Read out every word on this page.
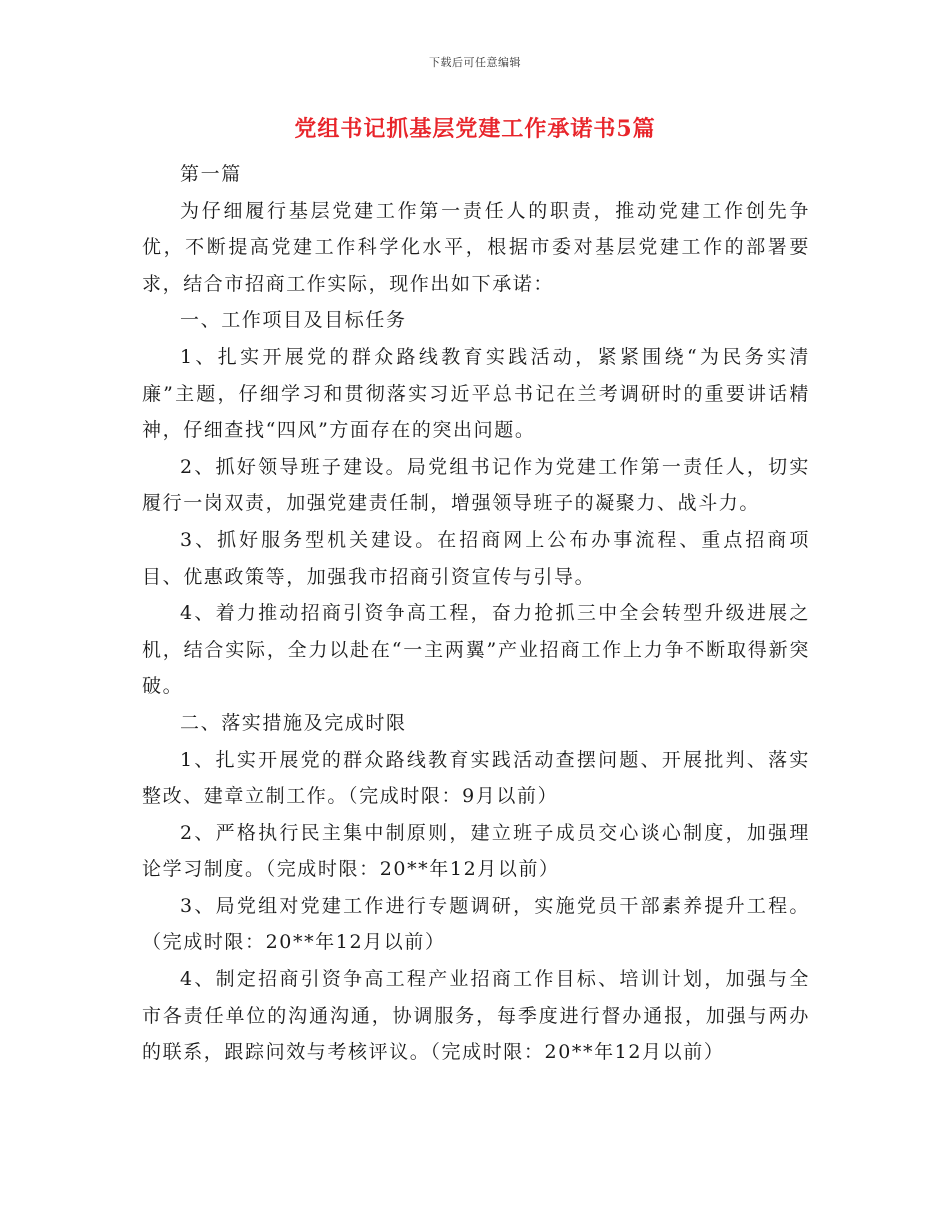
下载后可任意编辑
党组书记抓基层党建工作承诺书5篇

第一篇

为仔细履行基层党建工作第一责任人的职责，推动党建工作创先争优，不断提高党建工作科学化水平，根据市委对基层党建工作的部署要求，结合市招商工作实际，现作出如下承诺：

一、工作项目及目标任务

1、扎实开展党的群众路线教育实践活动，紧紧围绕“为民务实清廉”主题，仔细学习和贯彻落实习近平总书记在兰考调研时的重要讲话精神，仔细查找“四风”方面存在的突出问题。

2、抓好领导班子建设。局党组书记作为党建工作第一责任人，切实履行一岗双责，加强党建责任制，增强领导班子的凝聚力、战斗力。

3、抓好服务型机关建设。在招商网上公布办事流程、重点招商项目、优惠政策等，加强我市招商引资宣传与引导。

4、着力推动招商引资争高工程，奋力抢抓三中全会转型升级进展之机，结合实际，全力以赴在“一主两翼”产业招商工作上力争不断取得新突破。

二、落实措施及完成时限

1、扎实开展党的群众路线教育实践活动查摆问题、开展批判、落实整改、建章立制工作。（完成时限：9月以前）

2、严格执行民主集中制原则，建立班子成员交心谈心制度，加强理论学习制度。（完成时限：20**年12月以前）

3、局党组对党建工作进行专题调研，实施党员干部素养提升工程。（完成时限：20**年12月以前）

4、制定招商引资争高工程产业招商工作目标、培训计划，加强与全市各责任单位的沟通沟通，协调服务，每季度进行督办通报，加强与两办的联系，跟踪问效与考核评议。（完成时限：20**年12月以前）
